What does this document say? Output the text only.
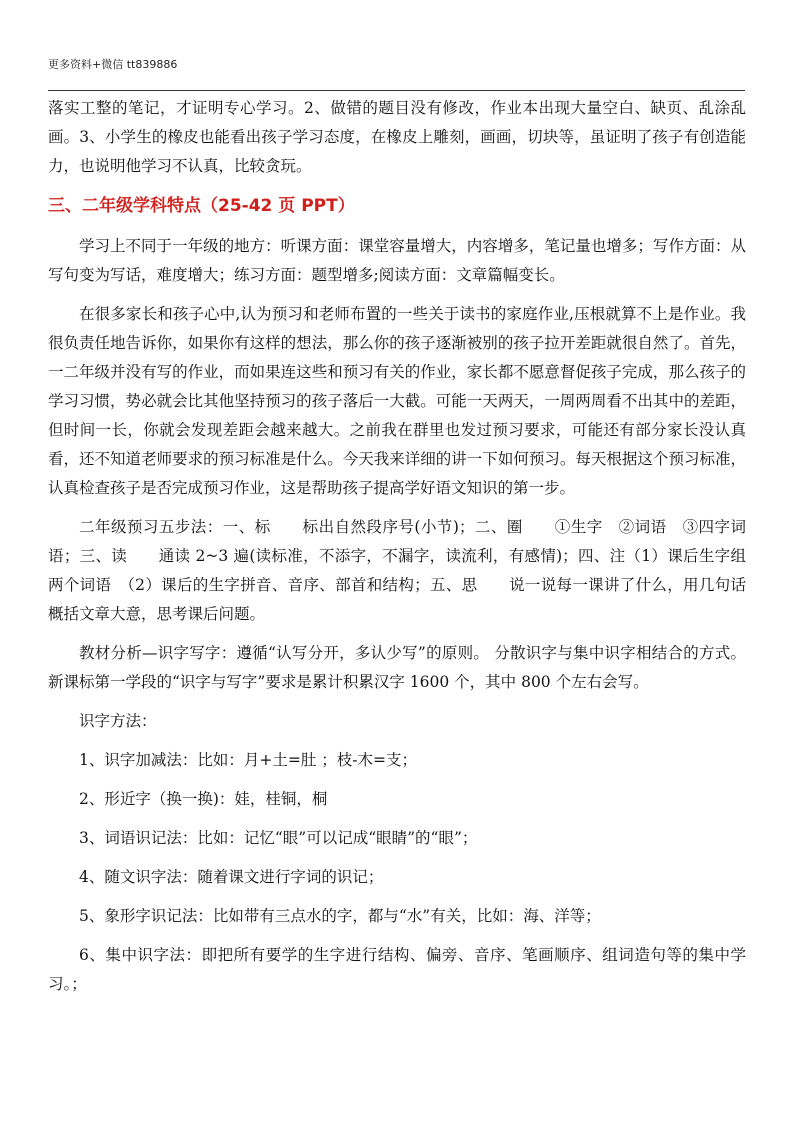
更多资料+微信 tt839886

落实工整的笔记，才证明专心学习。2、做错的题目没有修改，作业本出现大量空白、缺页、乱涂乱画。3、小学生的橡皮也能看出孩子学习态度，在橡皮上雕刻，画画，切块等，虽证明了孩子有创造能力，也说明他学习不认真，比较贪玩。

三、二年级学科特点（25-42 页 PPT）

学习上不同于一年级的地方：听课方面：课堂容量增大，内容增多，笔记量也增多；写作方面：从写句变为写话，难度增大；练习方面：题型增多;阅读方面：文章篇幅变长。

在很多家长和孩子心中,认为预习和老师布置的一些关于读书的家庭作业,压根就算不上是作业。我很负责任地告诉你，如果你有这样的想法，那么你的孩子逐渐被别的孩子拉开差距就很自然了。首先，一二年级并没有写的作业，而如果连这些和预习有关的作业，家长都不愿意督促孩子完成，那么孩子的学习习惯，势必就会比其他坚持预习的孩子落后一大截。可能一天两天，一周两周看不出其中的差距，但时间一长，你就会发现差距会越来越大。之前我在群里也发过预习要求，可能还有部分家长没认真看，还不知道老师要求的预习标准是什么。今天我来详细的讲一下如何预习。每天根据这个预习标准，认真检查孩子是否完成预习作业，这是帮助孩子提高学好语文知识的第一步。

二年级预习五步法：一、标　　标出自然段序号(小节)；二、圈　　①生字　②词语　③四字词语；三、读　　通读 2~3 遍(读标准，不添字，不漏字，读流利，有感情)；四、注（1）课后生字组两个词语　（2）课后的生字拼音、音序、部首和结构；五、思　　说一说每一课讲了什么，用几句话概括文章大意，思考课后问题。

教材分析—识字写字：遵循“认写分开，多认少写”的原则。 分散识字与集中识字相结合的方式。 新课标第一学段的“识字与写字”要求是累计积累汉字 1600 个，其中 800 个左右会写。

识字方法：

1、识字加减法：比如：月+土=肚 ；枝-木=支；

2、形近字（换一换)：娃，桂铜，桐

3、词语识记法：比如：记忆“眼”可以记成“眼睛”的“眼”；

4、随文识字法：随着课文进行字词的识记；

5、象形字识记法：比如带有三点水的字，都与“水”有关，比如：海、洋等；

6、集中识字法：即把所有要学的生字进行结构、偏旁、音序、笔画顺序、组词造句等的集中学习。；
